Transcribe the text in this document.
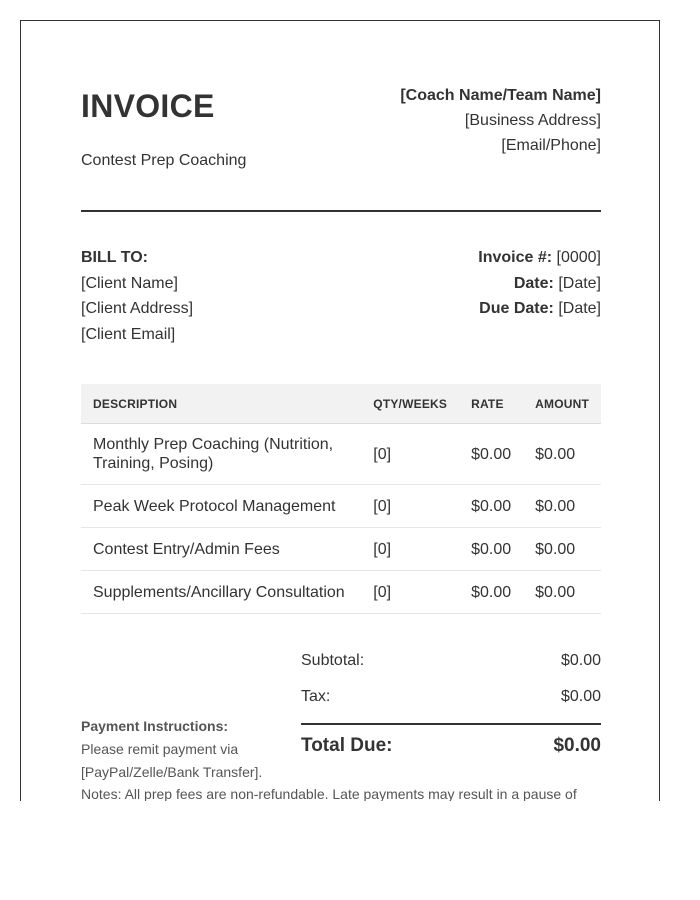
INVOICE
Contest Prep Coaching
[Coach Name/Team Name]
[Business Address]
[Email/Phone]
BILL TO:
[Client Name]
[Client Address]
[Client Email]
Invoice #: [0000]
Date: [Date]
Due Date: [Date]
DESCRIPTION	QTY/WEEKS	RATE	AMOUNT
Monthly Prep Coaching (Nutrition, Training, Posing)	[0]	$0.00	$0.00
Peak Week Protocol Management	[0]	$0.00	$0.00
Contest Entry/Admin Fees	[0]	$0.00	$0.00
Supplements/Ancillary Consultation	[0]	$0.00	$0.00
Subtotal:	$0.00
Tax:	$0.00
Total Due:	$0.00
Payment Instructions:
Please remit payment via
[PayPal/Zelle/Bank Transfer].
Notes: All prep fees are non-refundable. Late payments may result in a pause of
